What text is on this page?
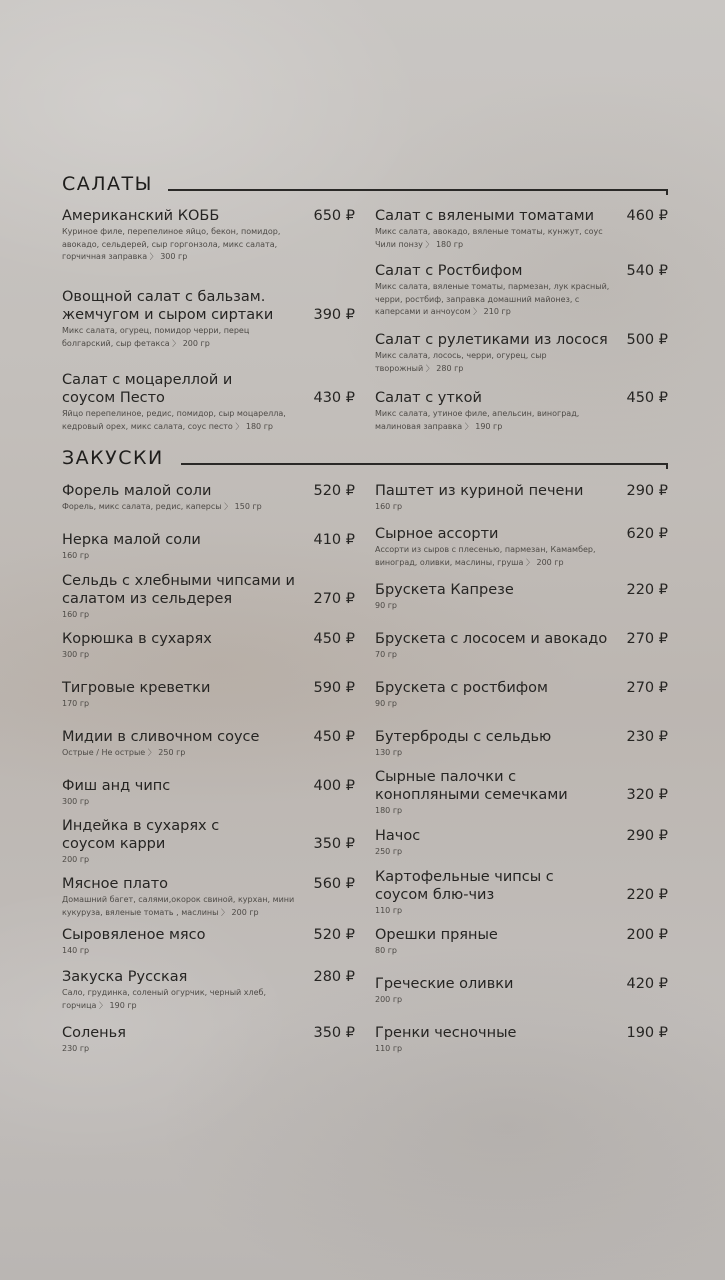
САЛАТЫ
Американский КОББ
Куриное филе, перепелиное яйцо, бекон, помидор, авокадо, сельдерей, сыр горгонзола, микс салата, горчичная заправка 〉 300 гр
650 ₽
Овощной салат с бальзам. жемчугом и сыром сиртаки
Микс салата, огурец, помидор черри, перец болгарский, сыр фетакса 〉 200 гр
390 ₽
Салат с моцареллой и соусом Песто
Яйцо перепелиное, редис, помидор, сыр моцарелла, кедровый орех, микс салата, соус песто 〉 180 гр
430 ₽
Салат с вялеными томатами
Микс салата, авокадо, вяленые томаты, кунжут, соус Чили понзу 〉 180 гр
460 ₽
Салат с Ростбифом
Микс салата, вяленые томаты, пармезан, лук красный, черри, ростбиф, заправка домашний майонез, с каперсами и анчоусом 〉 210 гр
540 ₽
Салат с рулетиками из лосося
Микс салата, лосось, черри, огурец, сыр творожный 〉 280 гр
500 ₽
Салат с уткой
Микс салата, утиное филе, апельсин, виноград, малиновая заправка 〉 190 гр
450 ₽
ЗАКУСКИ
Форель малой соли
Форель, микс салата, редис, каперсы 〉 150 гр
520 ₽
Нерка малой соли
160 гр
410 ₽
Сельдь с хлебными чипсами и салатом из сельдерея
160 гр
270 ₽
Корюшка в сухарях
300 гр
450 ₽
Тигровые креветки
170 гр
590 ₽
Мидии в сливочном соусе
Острые / Не острые 〉 250 гр
450 ₽
Фиш анд чипс
300 гр
400 ₽
Индейка в сухарях с соусом карри
200 гр
350 ₽
Мясное плато
Домашний багет, салями,окорок свиной, курхан, мини кукуруза, вяленые томать , маслины 〉 200 гр
560 ₽
Сыровяленое мясо
140 гр
520 ₽
Закуска Русская
Сало, грудинка, соленый огурчик, черный хлеб, горчица 〉 190 гр
280 ₽
Соленья
230 гр
350 ₽
Паштет из куриной печени
160 гр
290 ₽
Сырное ассорти
Ассорти из сыров с плесенью, пармезан, Камамбер, виноград, оливки, маслины, груша 〉 200 гр
620 ₽
Брускета Капрезе
90 гр
220 ₽
Брускета с лососем и авокадо
70 гр
270 ₽
Брускета с ростбифом
90 гр
270 ₽
Бутерброды с сельдью
130 гр
230 ₽
Сырные палочки с конопляными семечками
180 гр
320 ₽
Начос
250 гр
290 ₽
Картофельные чипсы с соусом блю-чиз
110 гр
220 ₽
Орешки пряные
80 гр
200 ₽
Греческие оливки
200 гр
420 ₽
Гренки чесночные
110 гр
190 ₽
